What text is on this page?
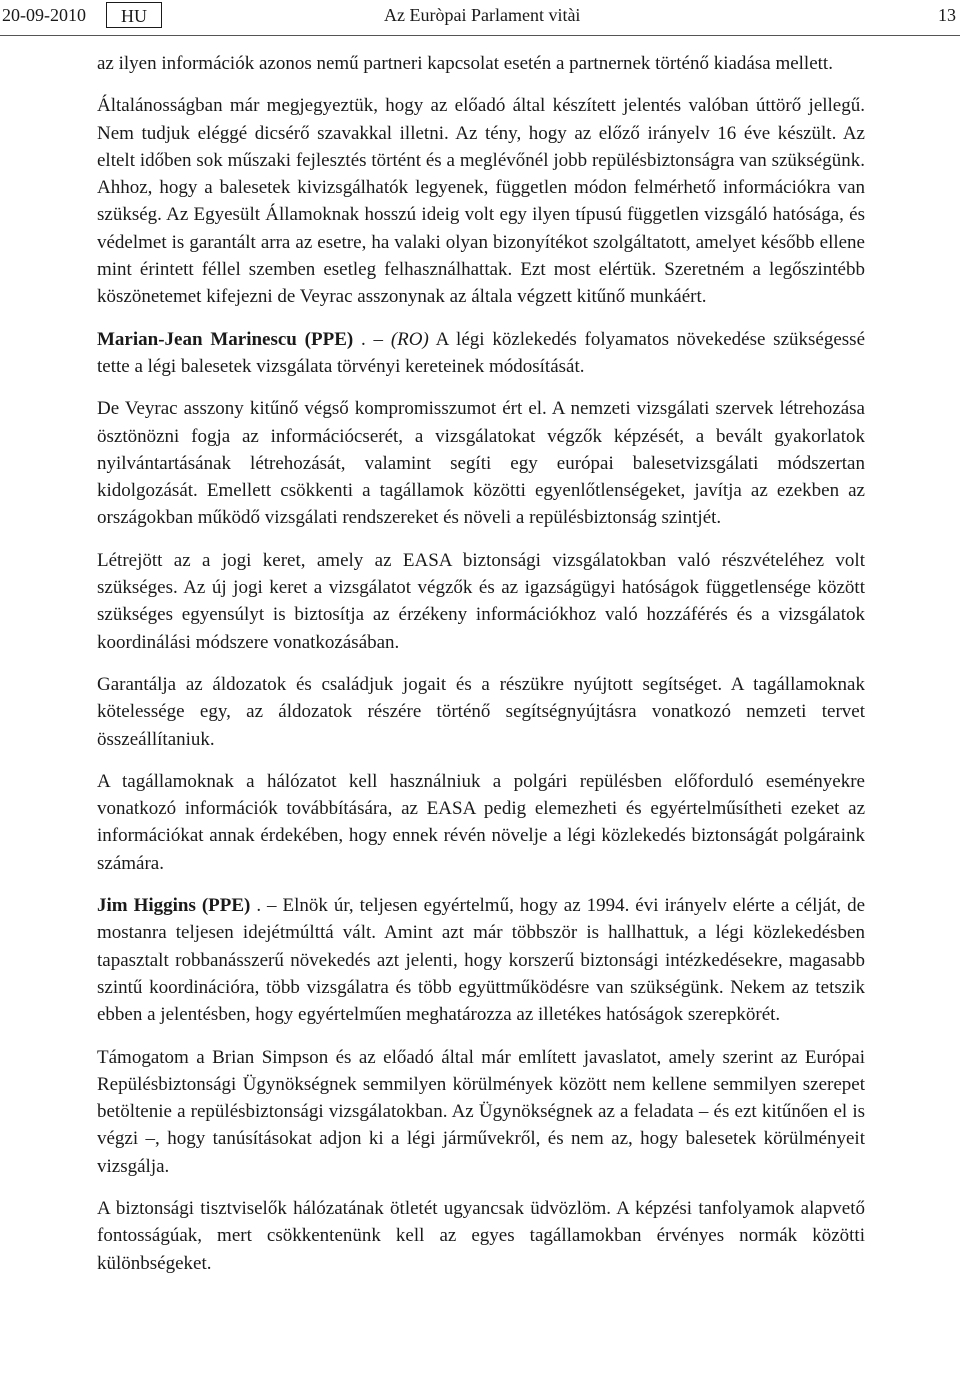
20-09-2010	HU	Az Euròpai Parlament vitài	13

az ilyen információk azonos nemű partneri kapcsolat esetén a partnernek történő kiadása mellett.

Általánosságban már megjegyeztük, hogy az előadó által készített jelentés valóban úttörő jellegű. Nem tudjuk eléggé dicsérő szavakkal illetni. Az tény, hogy az előző irányelv 16 éve készült. Az eltelt időben sok műszaki fejlesztés történt és a meglévőnél jobb repülésbiztonságra van szükségünk. Ahhoz, hogy a balesetek kivizsgálhatók legyenek, független módon felmérhető információkra van szükség. Az Egyesült Államoknak hosszú ideig volt egy ilyen típusú független vizsgáló hatósága, és védelmet is garantált arra az esetre, ha valaki olyan bizonyítékot szolgáltatott, amelyet később ellene mint érintett féllel szemben esetleg felhasználhattak. Ezt most elértük. Szeretném a legőszintébb köszönetemet kifejezni de Veyrac asszonynak az általa végzett kitűnő munkáért.

Marian-Jean Marinescu (PPE) . – (RO) A légi közlekedés folyamatos növekedése szükségessé tette a légi balesetek vizsgálata törvényi kereteinek módosítását.

De Veyrac asszony kitűnő végső kompromisszumot ért el. A nemzeti vizsgálati szervek létrehozása ösztönözni fogja az információcserét, a vizsgálatokat végzők képzését, a bevált gyakorlatok nyilvántartásának létrehozását, valamint segíti egy európai balesetvizsgálati módszertan kidolgozását. Emellett csökkenti a tagállamok közötti egyenlőtlenségeket, javítja az ezekben az országokban működő vizsgálati rendszereket és növeli a repülésbiztonság szintjét.

Létrejött az a jogi keret, amely az EASA biztonsági vizsgálatokban való részvételéhez volt szükséges. Az új jogi keret a vizsgálatot végzők és az igazságügyi hatóságok függetlensége között szükséges egyensúlyt is biztosítja az érzékeny információkhoz való hozzáférés és a vizsgálatok koordinálási módszere vonatkozásában.

Garantálja az áldozatok és családjuk jogait és a részükre nyújtott segítséget. A tagállamoknak kötelessége egy, az áldozatok részére történő segítségnyújtásra vonatkozó nemzeti tervet összeállítaniuk.

A tagállamoknak a hálózatot kell használniuk a polgári repülésben előforduló eseményekre vonatkozó információk továbbítására, az EASA pedig elemezheti és egyértelműsítheti ezeket az információkat annak érdekében, hogy ennek révén növelje a légi közlekedés biztonságát polgáraink számára.

Jim Higgins (PPE) . – Elnök úr, teljesen egyértelmű, hogy az 1994. évi irányelv elérte a célját, de mostanra teljesen idejétmúlttá vált. Amint azt már többször is hallhattuk, a légi közlekedésben tapasztalt robbanásszerű növekedés azt jelenti, hogy korszerű biztonsági intézkedésekre, magasabb szintű koordinációra, több vizsgálatra és több együttműködésre van szükségünk. Nekem az tetszik ebben a jelentésben, hogy egyértelműen meghatározza az illetékes hatóságok szerepkörét.

Támogatom a Brian Simpson és az előadó által már említett javaslatot, amely szerint az Európai Repülésbiztonsági Ügynökségnek semmilyen körülmények között nem kellene semmilyen szerepet betöltenie a repülésbiztonsági vizsgálatokban. Az Ügynökségnek az a feladata – és ezt kitűnően el is végzi –, hogy tanúsításokat adjon ki a légi járművekről, és nem az, hogy balesetek körülményeit vizsgálja.

A biztonsági tisztviselők hálózatának ötletét ugyancsak üdvözlöm. A képzési tanfolyamok alapvető fontosságúak, mert csökkentenünk kell az egyes tagállamokban érvényes normák közötti különbségeket.
